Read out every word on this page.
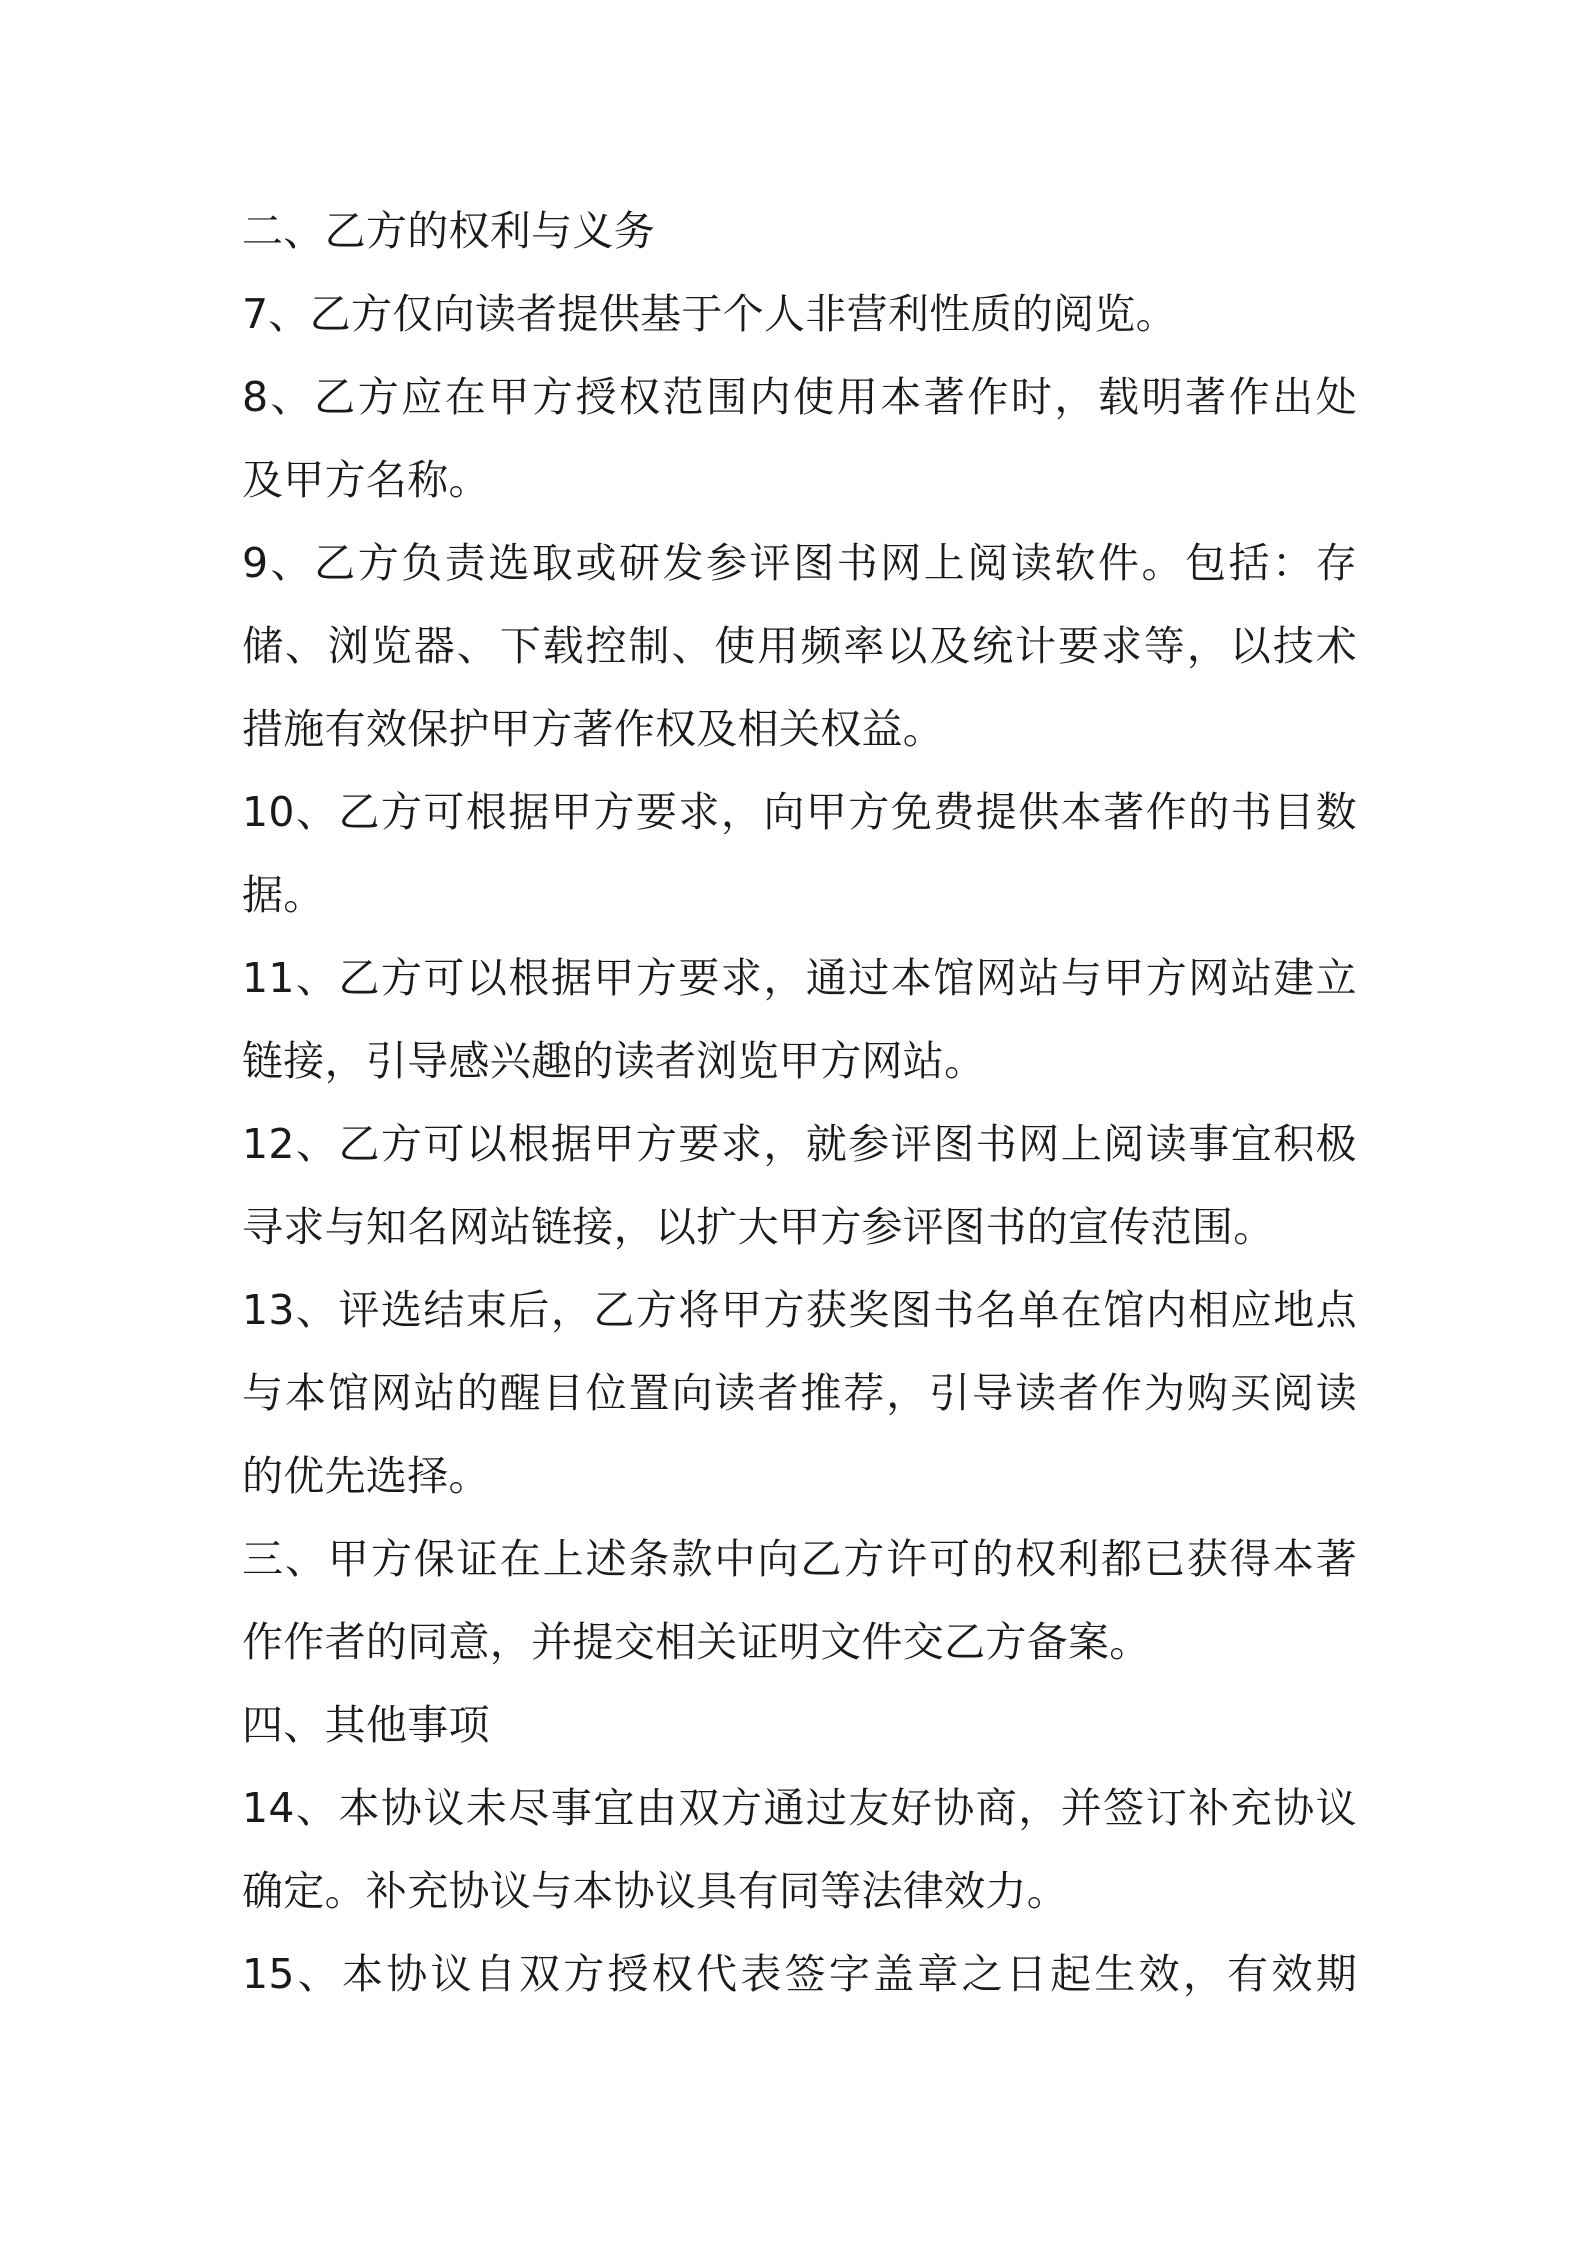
二、乙方的权利与义务
7、乙方仅向读者提供基于个人非营利性质的阅览。
8、乙方应在甲方授权范围内使用本著作时，载明著作出处
及甲方名称。
9、乙方负责选取或研发参评图书网上阅读软件。包括：存
储、浏览器、下载控制、使用频率以及统计要求等，以技术
措施有效保护甲方著作权及相关权益。
10、乙方可根据甲方要求，向甲方免费提供本著作的书目数
据。
11、乙方可以根据甲方要求，通过本馆网站与甲方网站建立
链接，引导感兴趣的读者浏览甲方网站。
12、乙方可以根据甲方要求，就参评图书网上阅读事宜积极
寻求与知名网站链接，以扩大甲方参评图书的宣传范围。
13、评选结束后，乙方将甲方获奖图书名单在馆内相应地点
与本馆网站的醒目位置向读者推荐，引导读者作为购买阅读
的优先选择。
三、甲方保证在上述条款中向乙方许可的权利都已获得本著
作作者的同意，并提交相关证明文件交乙方备案。
四、其他事项
14、本协议未尽事宜由双方通过友好协商，并签订补充协议
确定。补充协议与本协议具有同等法律效力。
15、本协议自双方授权代表签字盖章之日起生效，有效期
